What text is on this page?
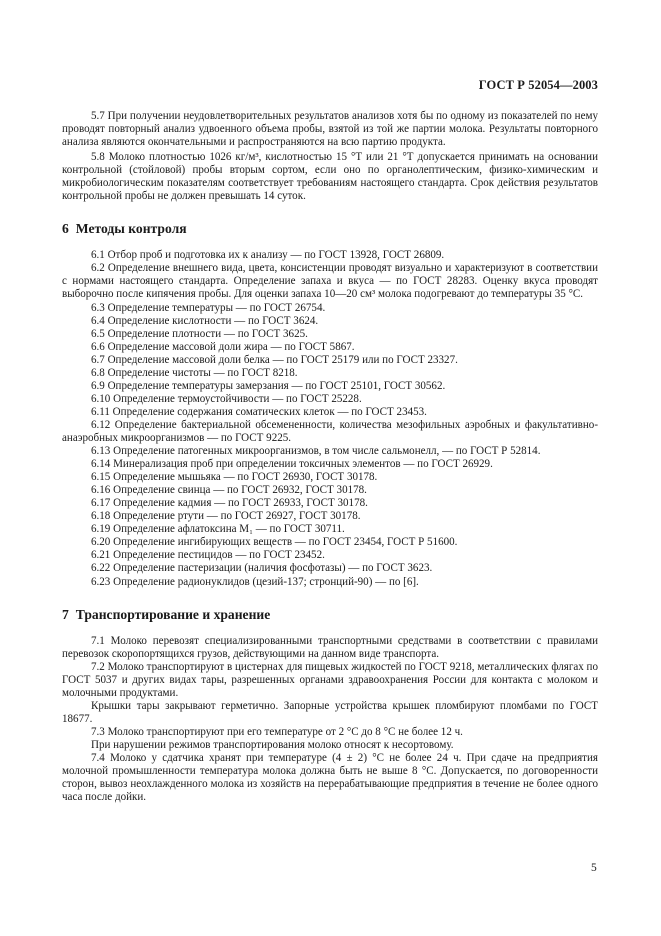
ГОСТ Р 52054—2003

5.7 При получении неудовлетворительных результатов анализов хотя бы по одному из показателей по нему проводят повторный анализ удвоенного объема пробы, взятой из той же партии молока. Результаты повторного анализа являются окончательными и распространяются на всю партию продукта.

5.8 Молоко плотностью 1026 кг/м³, кислотностью 15 °Т или 21 °Т допускается принимать на основании контрольной (стойловой) пробы вторым сортом, если оно по органолептическим, физико-химическим и микробиологическим показателям соответствует требованиям настоящего стандарта. Срок действия результатов контрольной пробы не должен превышать 14 суток.

6 Методы контроля

6.1 Отбор проб и подготовка их к анализу — по ГОСТ 13928, ГОСТ 26809.

6.2 Определение внешнего вида, цвета, консистенции проводят визуально и характеризуют в соответствии с нормами настоящего стандарта. Определение запаха и вкуса — по ГОСТ 28283. Оценку вкуса проводят выборочно после кипячения пробы. Для оценки запаха 10—20 см³ молока подогревают до температуры 35 °С.

6.3 Определение температуры — по ГОСТ 26754.

6.4 Определение кислотности — по ГОСТ 3624.

6.5 Определение плотности — по ГОСТ 3625.

6.6 Определение массовой доли жира — по ГОСТ 5867.

6.7 Определение массовой доли белка — по ГОСТ 25179 или по ГОСТ 23327.

6.8 Определение чистоты — по ГОСТ 8218.

6.9 Определение температуры замерзания — по ГОСТ 25101, ГОСТ 30562.

6.10 Определение термоустойчивости — по ГОСТ 25228.

6.11 Определение содержания соматических клеток — по ГОСТ 23453.

6.12 Определение бактериальной обсемененности, количества мезофильных аэробных и факультативно-анаэробных микроорганизмов — по ГОСТ 9225.

6.13 Определение патогенных микроорганизмов, в том числе сальмонелл, — по ГОСТ Р 52814.

6.14 Минерализация проб при определении токсичных элементов — по ГОСТ 26929.

6.15 Определение мышьяка — по ГОСТ 26930, ГОСТ 30178.

6.16 Определение свинца — по ГОСТ 26932, ГОСТ 30178.

6.17 Определение кадмия — по ГОСТ 26933, ГОСТ 30178.

6.18 Определение ртути — по ГОСТ 26927, ГОСТ 30178.

6.19 Определение афлатоксина М₁ — по ГОСТ 30711.

6.20 Определение ингибирующих веществ — по ГОСТ 23454, ГОСТ Р 51600.

6.21 Определение пестицидов — по ГОСТ 23452.

6.22 Определение пастеризации (наличия фосфотазы) — по ГОСТ 3623.

6.23 Определение радионуклидов (цезий-137; стронций-90) — по [6].

7 Транспортирование и хранение

7.1 Молоко перевозят специализированными транспортными средствами в соответствии с правилами перевозок скоропортящихся грузов, действующими на данном виде транспорта.

7.2 Молоко транспортируют в цистернах для пищевых жидкостей по ГОСТ 9218, металлических флягах по ГОСТ 5037 и других видах тары, разрешенных органами здравоохранения России для контакта с молоком и молочными продуктами.

Крышки тары закрывают герметично. Запорные устройства крышек пломбируют пломбами по ГОСТ 18677.

7.3 Молоко транспортируют при его температуре от 2 °С до 8 °С не более 12 ч.

При нарушении режимов транспортирования молоко относят к несортовому.

7.4 Молоко у сдатчика хранят при температуре (4 ± 2) °С не более 24 ч. При сдаче на предприятия молочной промышленности температура молока должна быть не выше 8 °С. Допускается, по договоренности сторон, вывоз неохлажденного молока из хозяйств на перерабатывающие предприятия в течение не более одного часа после дойки.

5
